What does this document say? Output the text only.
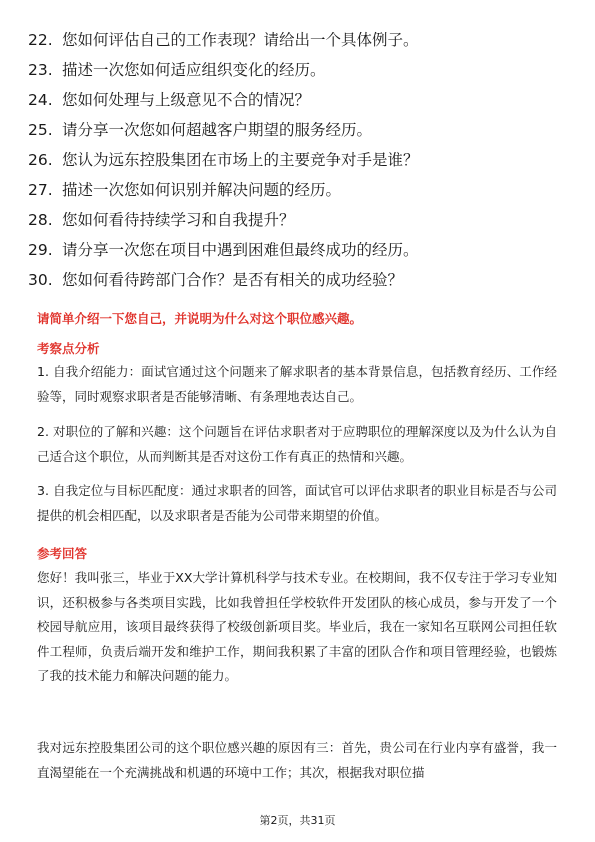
22. 您如何评估自己的工作表现？请给出一个具体例子。
23. 描述一次您如何适应组织变化的经历。
24. 您如何处理与上级意见不合的情况？
25. 请分享一次您如何超越客户期望的服务经历。
26. 您认为远东控股集团在市场上的主要竞争对手是谁？
27. 描述一次您如何识别并解决问题的经历。
28. 您如何看待持续学习和自我提升？
29. 请分享一次您在项目中遇到困难但最终成功的经历。
30. 您如何看待跨部门合作？是否有相关的成功经验？
请简单介绍一下您自己，并说明为什么对这个职位感兴趣。
考察点分析
1. 自我介绍能力：面试官通过这个问题来了解求职者的基本背景信息，包括教育经历、工作经验等，同时观察求职者是否能够清晰、有条理地表达自己。
2. 对职位的了解和兴趣：这个问题旨在评估求职者对于应聘职位的理解深度以及为什么认为自己适合这个职位，从而判断其是否对这份工作有真正的热情和兴趣。
3. 自我定位与目标匹配度：通过求职者的回答，面试官可以评估求职者的职业目标是否与公司提供的机会相匹配，以及求职者是否能为公司带来期望的价值。
参考回答
您好！我叫张三，毕业于XX大学计算机科学与技术专业。在校期间，我不仅专注于学习专业知识，还积极参与各类项目实践，比如我曾担任学校软件开发团队的核心成员，参与开发了一个校园导航应用，该项目最终获得了校级创新项目奖。毕业后，我在一家知名互联网公司担任软件工程师，负责后端开发和维护工作，期间我积累了丰富的团队合作和项目管理经验，也锻炼了我的技术能力和解决问题的能力。
我对远东控股集团公司的这个职位感兴趣的原因有三：首先，贵公司在行业内享有盛誉，我一直渴望能在一个充满挑战和机遇的环境中工作；其次，根据我对职位描
第2页，共31页
